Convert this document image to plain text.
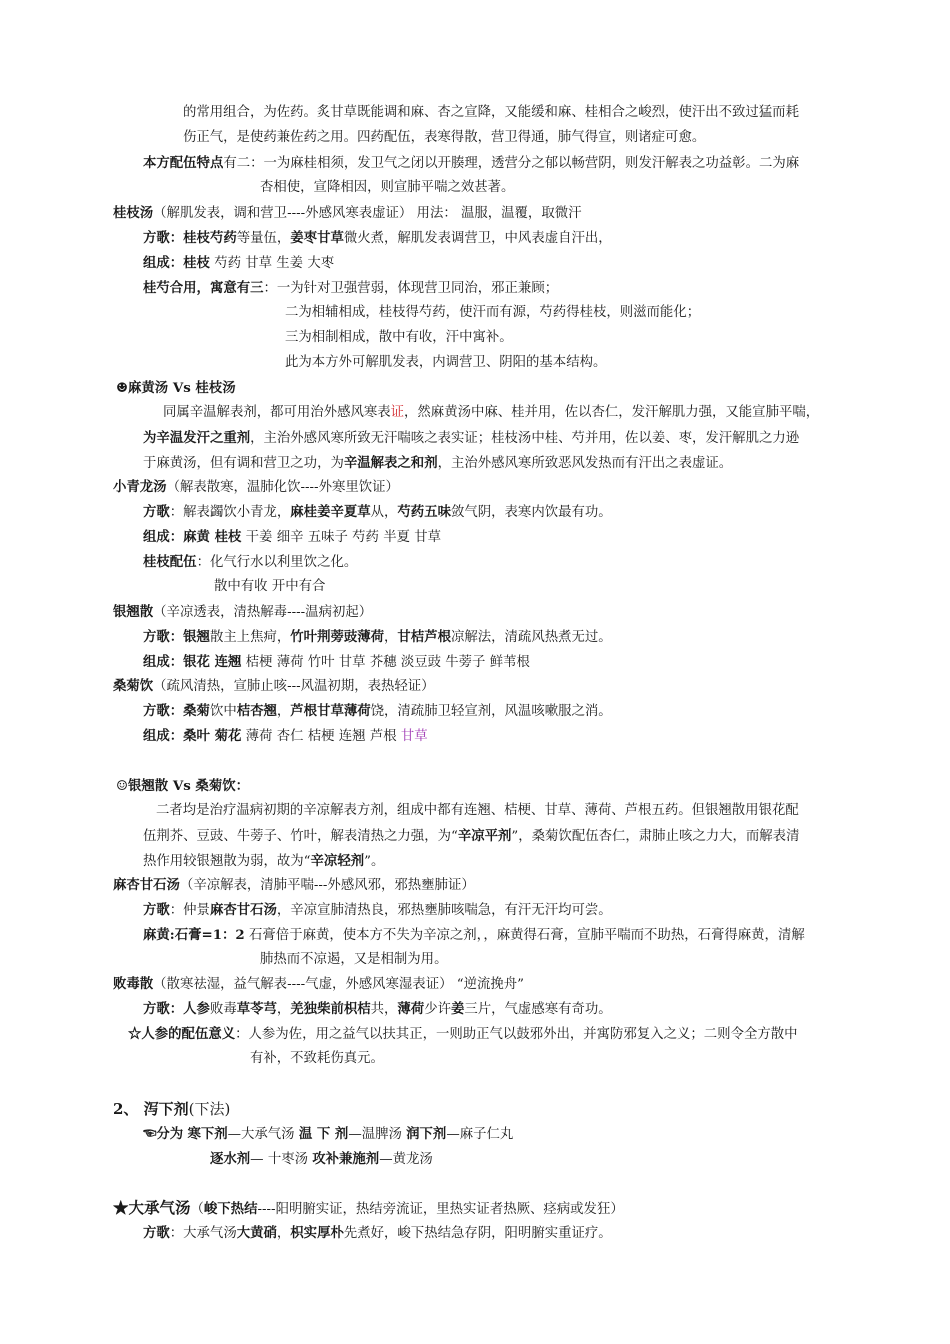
的常用组合，为佐药。炙甘草既能调和麻、杏之宣降，又能缓和麻、桂相合之峻烈，使汗出不致过猛而耗
伤正气，是使药兼佐药之用。四药配伍，表寒得散，营卫得通，肺气得宣，则诸症可愈。
本方配伍特点有二：一为麻桂相须，发卫气之闭以开腠理，透营分之郁以畅营阴，则发汗解表之功益彰。二为麻
杏相使，宣降相因，则宣肺平喘之效甚著。
桂枝汤（解肌发表，调和营卫----外感风寒表虚证） 用法： 温服，温覆，取微汗
方歌：桂枝芍药等量伍，姜枣甘草微火煮，解肌发表调营卫，中风表虚自汗出，
组成：桂枝 芍药 甘草 生姜 大枣
桂芍合用，寓意有三：一为针对卫强营弱，体现营卫同治，邪正兼顾；
二为相辅相成，桂枝得芍药，使汗而有源，芍药得桂枝，则滋而能化；
三为相制相成，散中有收，汗中寓补。
此为本方外可解肌发表，内调营卫、阴阳的基本结构。
☻麻黄汤 Vs 桂枝汤
同属辛温解表剂，都可用治外感风寒表证，然麻黄汤中麻、桂并用，佐以杏仁，发汗解肌力强，又能宣肺平喘，
为辛温发汗之重剂，主治外感风寒所致无汗喘咳之表实证；桂枝汤中桂、芍并用，佐以姜、枣，发汗解肌之力逊
于麻黄汤，但有调和营卫之功，为辛温解表之和剂，主治外感风寒所致恶风发热而有汗出之表虚证。
小青龙汤（解表散寒，温肺化饮----外寒里饮证）
方歌：解表蠲饮小青龙，麻桂姜辛夏草从，芍药五味敛气阴，表寒内饮最有功。
组成：麻黄 桂枝 干姜 细辛 五味子 芍药 半夏 甘草
桂枝配伍：化气行水以利里饮之化。
散中有收 开中有合
银翘散（辛凉透表，清热解毒----温病初起）
方歌：银翘散主上焦疴，竹叶荆蒡豉薄荷，甘桔芦根凉解法，清疏风热煮无过。
组成：银花 连翘 桔梗 薄荷 竹叶 甘草 芥穗 淡豆豉 牛蒡子 鲜苇根
桑菊饮（疏风清热，宣肺止咳---风温初期，表热轻证）
方歌：桑菊饮中桔杏翘，芦根甘草薄荷饶，清疏肺卫轻宣剂，风温咳嗽服之消。
组成：桑叶 菊花 薄荷 杏仁 桔梗 连翘 芦根 甘草
☺银翘散 Vs 桑菊饮：
二者均是治疗温病初期的辛凉解表方剂，组成中都有连翘、桔梗、甘草、薄荷、芦根五药。但银翘散用银花配
伍荆芥、豆豉、牛蒡子、竹叶，解表清热之力强，为“辛凉平剂”，桑菊饮配伍杏仁，肃肺止咳之力大，而解表清
热作用较银翘散为弱，故为“辛凉轻剂”。
麻杏甘石汤（辛凉解表，清肺平喘---外感风邪，邪热壅肺证）
方歌：仲景麻杏甘石汤，辛凉宣肺清热良，邪热壅肺咳喘急，有汗无汗均可尝。
麻黄:石膏=1：2 石膏倍于麻黄，使本方不失为辛凉之剂，，麻黄得石膏，宣肺平喘而不助热，石膏得麻黄，清解
肺热而不凉遏，又是相制为用。
败毒散（散寒祛湿，益气解表----气虚，外感风寒湿表证） “逆流挽舟”
方歌：人参败毒草苓芎，羌独柴前枳桔共，薄荷少许姜三片，气虚感寒有奇功。
☆人参的配伍意义：人参为佐，用之益气以扶其正，一则助正气以鼓邪外出，并寓防邪复入之义；二则令全方散中
有补，不致耗伤真元。
2、 泻下剂(下法)
☜分为 寒下剂—大承气汤 温 下 剂—温脾汤 润下剂—麻子仁丸
逐水剂— 十枣汤 攻补兼施剂—黄龙汤
★大承气汤（峻下热结----阳明腑实证，热结旁流证，里热实证者热厥、痉病或发狂）
方歌：大承气汤大黄硝，枳实厚朴先煮好，峻下热结急存阴，阳明腑实重证疗。
